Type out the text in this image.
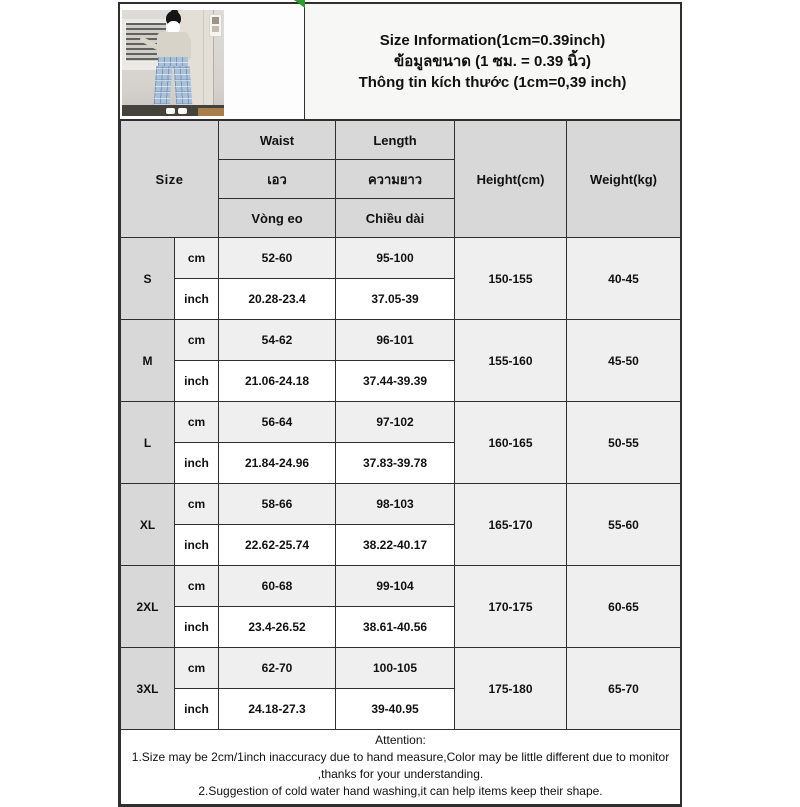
Size Information(1cm=0.39inch)
ข้อมูลขนาด (1 ซม. = 0.39 นิ้ว)
Thông tin kích thước (1cm=0,39 inch)
Size		Waist	Length	Height(cm)	Weight(kg)
		เอว	ความยาว		
		Vòng eo	Chiều dài		
S	cm	52-60	95-100	150-155	40-45
	inch	20.28-23.4	37.05-39		
M	cm	54-62	96-101	155-160	45-50
	inch	21.06-24.18	37.44-39.39		
L	cm	56-64	97-102	160-165	50-55
	inch	21.84-24.96	37.83-39.78		
XL	cm	58-66	98-103	165-170	55-60
	inch	22.62-25.74	38.22-40.17		
2XL	cm	60-68	99-104	170-175	60-65
	inch	23.4-26.52	38.61-40.56		
3XL	cm	62-70	100-105	175-180	65-70
	inch	24.18-27.3	39-40.95		

Attention:
1.Size may be 2cm/1inch inaccuracy due to hand measure,Color may be little different due to monitor ,thanks for your understanding.
2.Suggestion of cold water hand washing,it can help items keep their shape.					
